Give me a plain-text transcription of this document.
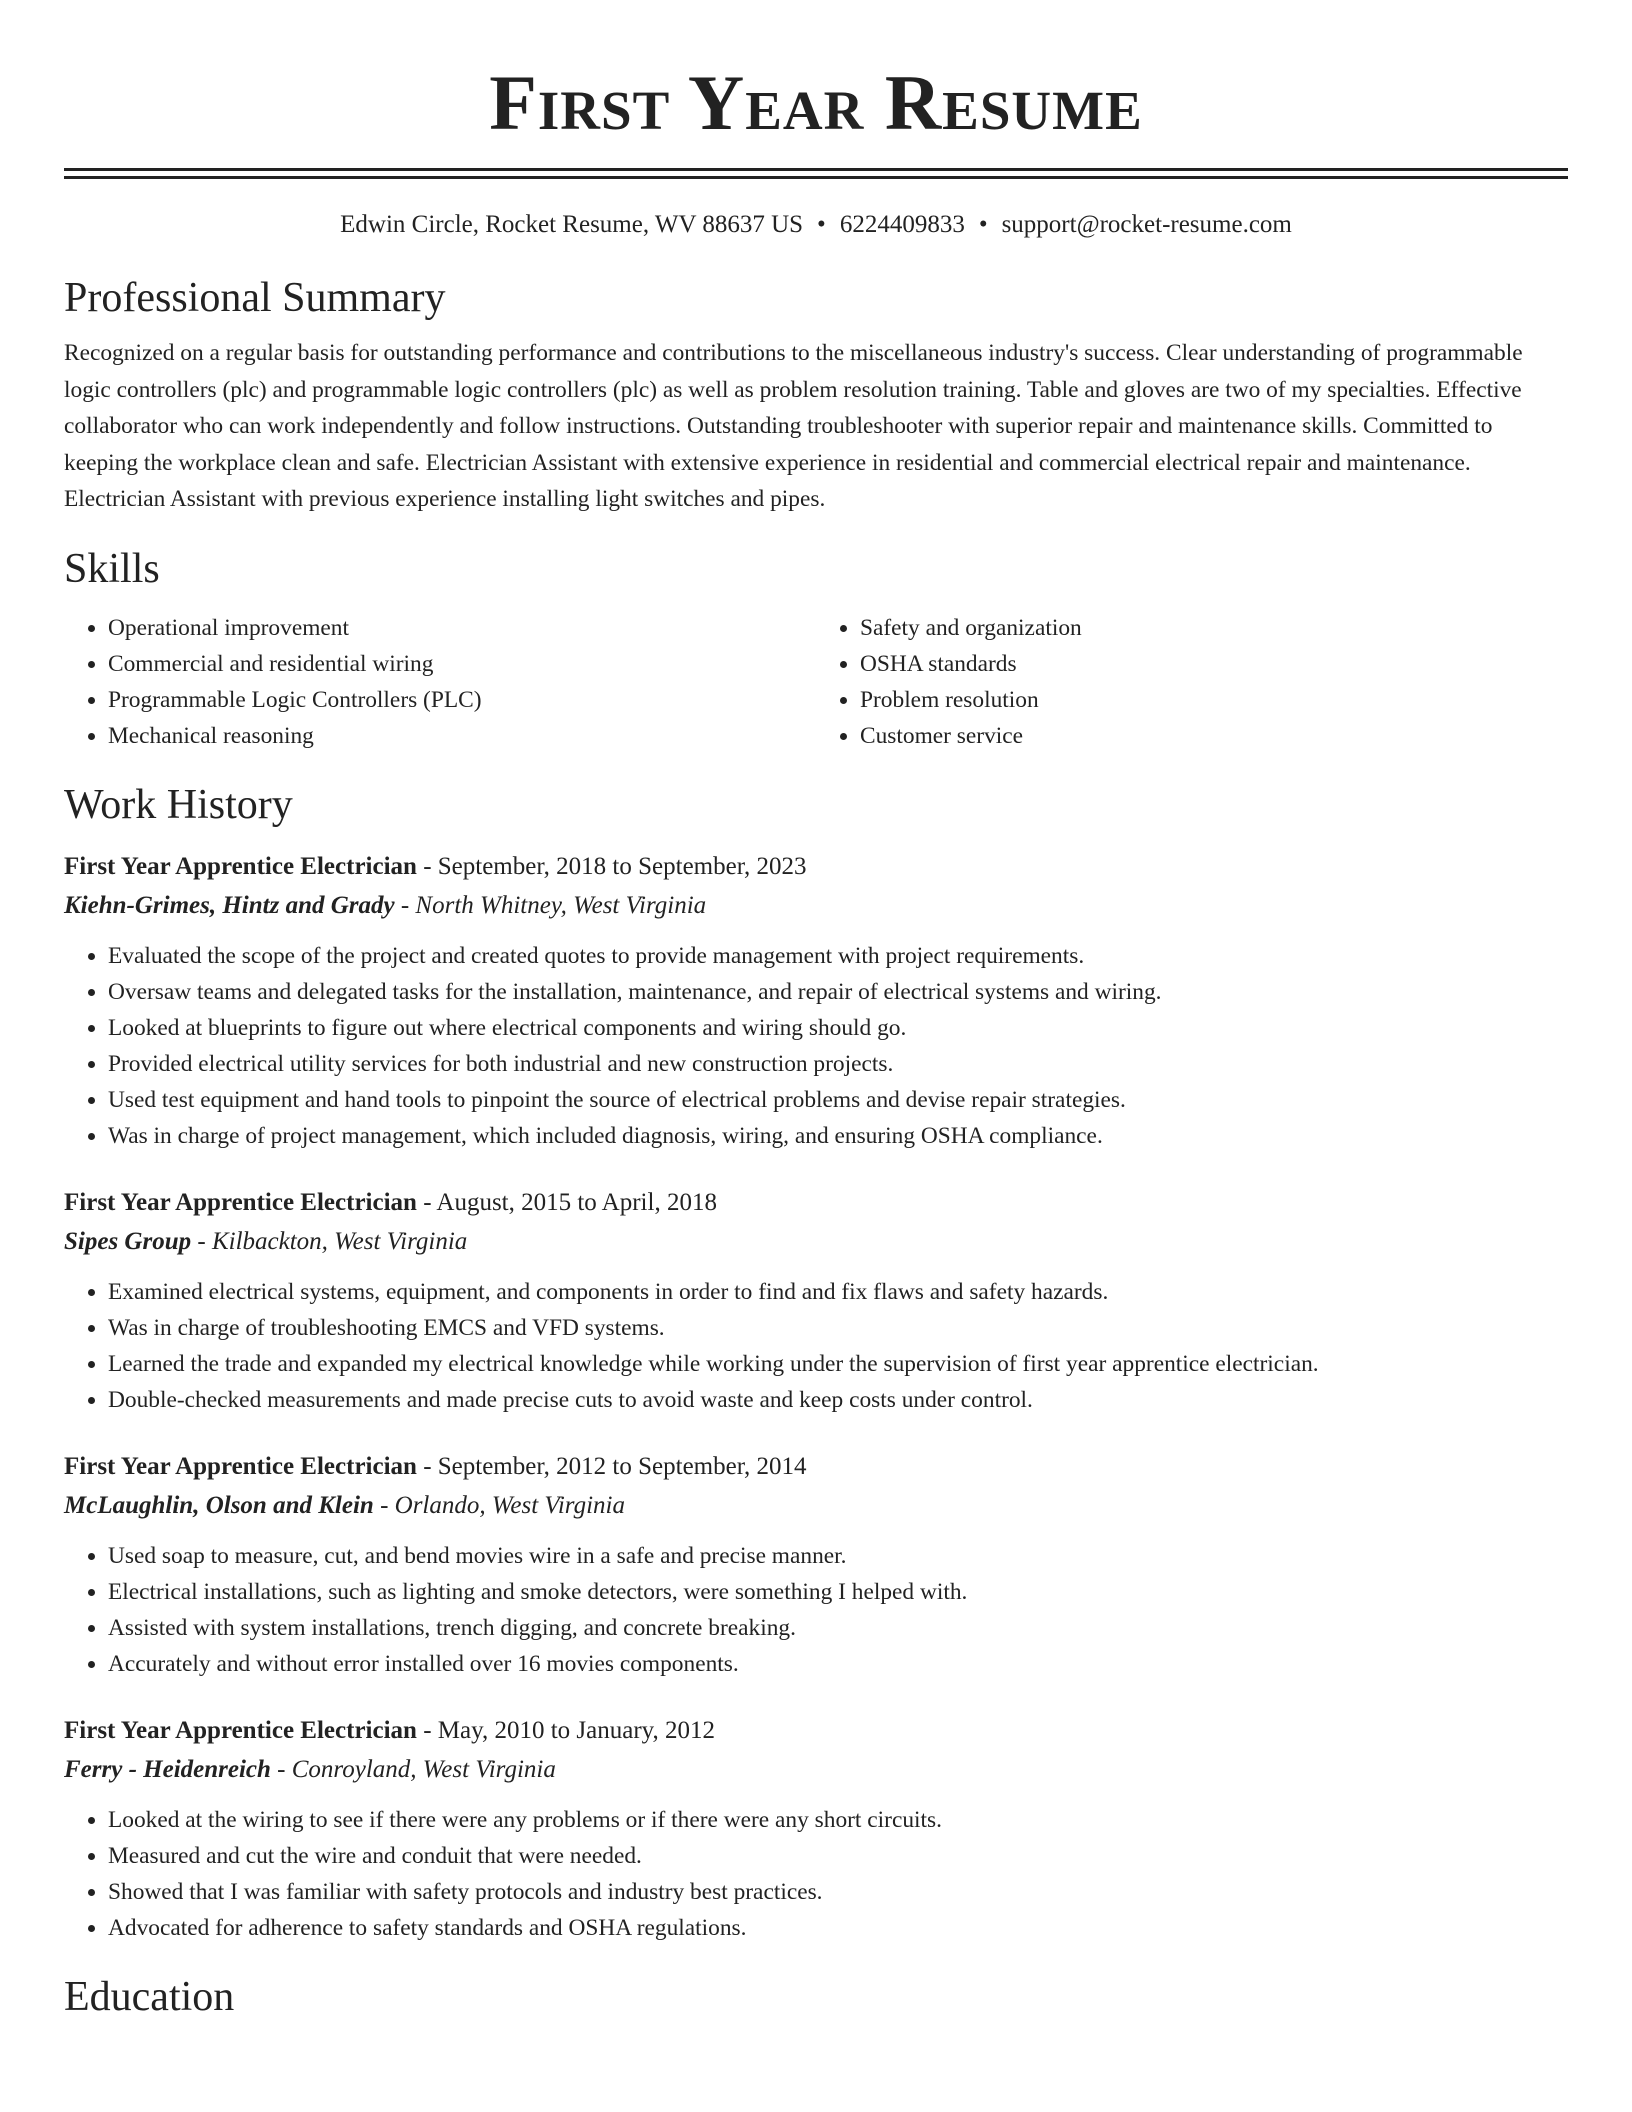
First Year Resume
Edwin Circle, Rocket Resume, WV 88637 US • 6224409833 • support@rocket-resume.com
Professional Summary

Recognized on a regular basis for outstanding performance and contributions to the miscellaneous industry's success. Clear understanding of programmable logic controllers (plc) and programmable logic controllers (plc) as well as problem resolution training. Table and gloves are two of my specialties. Effective collaborator who can work independently and follow instructions. Outstanding troubleshooter with superior repair and maintenance skills. Committed to keeping the workplace clean and safe. Electrician Assistant with extensive experience in residential and commercial electrical repair and maintenance. Electrician Assistant with previous experience installing light switches and pipes.

Skills
• Operational improvement
• Commercial and residential wiring
• Programmable Logic Controllers (PLC)
• Mechanical reasoning
• Safety and organization
• OSHA standards
• Problem resolution
• Customer service
Work History
First Year Apprentice Electrician - September, 2018 to September, 2023
Kiehn-Grimes, Hintz and Grady - North Whitney, West Virginia
• Evaluated the scope of the project and created quotes to provide management with project requirements.
• Oversaw teams and delegated tasks for the installation, maintenance, and repair of electrical systems and wiring.
• Looked at blueprints to figure out where electrical components and wiring should go.
• Provided electrical utility services for both industrial and new construction projects.
• Used test equipment and hand tools to pinpoint the source of electrical problems and devise repair strategies.
• Was in charge of project management, which included diagnosis, wiring, and ensuring OSHA compliance.
First Year Apprentice Electrician - August, 2015 to April, 2018
Sipes Group - Kilbackton, West Virginia
• Examined electrical systems, equipment, and components in order to find and fix flaws and safety hazards.
• Was in charge of troubleshooting EMCS and VFD systems.
• Learned the trade and expanded my electrical knowledge while working under the supervision of first year apprentice electrician.
• Double-checked measurements and made precise cuts to avoid waste and keep costs under control.
First Year Apprentice Electrician - September, 2012 to September, 2014
McLaughlin, Olson and Klein - Orlando, West Virginia
• Used soap to measure, cut, and bend movies wire in a safe and precise manner.
• Electrical installations, such as lighting and smoke detectors, were something I helped with.
• Assisted with system installations, trench digging, and concrete breaking.
• Accurately and without error installed over 16 movies components.
First Year Apprentice Electrician - May, 2010 to January, 2012
Ferry - Heidenreich - Conroyland, West Virginia
• Looked at the wiring to see if there were any problems or if there were any short circuits.
• Measured and cut the wire and conduit that were needed.
• Showed that I was familiar with safety protocols and industry best practices.
• Advocated for adherence to safety standards and OSHA regulations.
Education
